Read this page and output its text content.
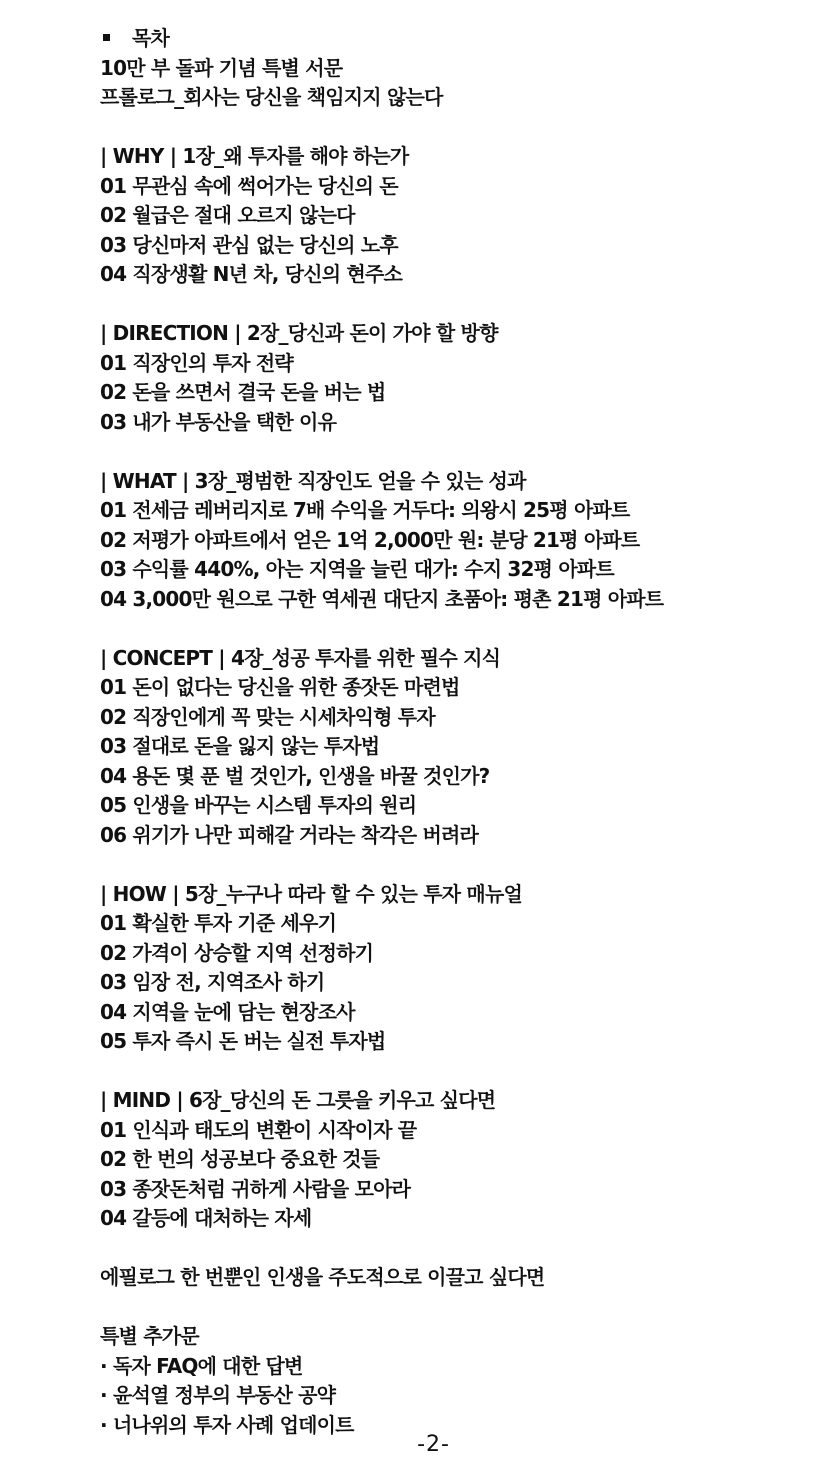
목차
10만 부 돌파 기념 특별 서문
프롤로그_회사는 당신을 책임지지 않는다
| WHY | 1장_왜 투자를 해야 하는가
01 무관심 속에 썩어가는 당신의 돈
02 월급은 절대 오르지 않는다
03 당신마저 관심 없는 당신의 노후
04 직장생활 N년 차, 당신의 현주소
| DIRECTION | 2장_당신과 돈이 가야 할 방향
01 직장인의 투자 전략
02 돈을 쓰면서 결국 돈을 버는 법
03 내가 부동산을 택한 이유
| WHAT | 3장_평범한 직장인도 얻을 수 있는 성과
01 전세금 레버리지로 7배 수익을 거두다: 의왕시 25평 아파트
02 저평가 아파트에서 얻은 1억 2,000만 원: 분당 21평 아파트
03 수익률 440%, 아는 지역을 늘린 대가: 수지 32평 아파트
04 3,000만 원으로 구한 역세권 대단지 초품아: 평촌 21평 아파트
| CONCEPT | 4장_성공 투자를 위한 필수 지식
01 돈이 없다는 당신을 위한 종잣돈 마련법
02 직장인에게 꼭 맞는 시세차익형 투자
03 절대로 돈을 잃지 않는 투자법
04 용돈 몇 푼 벌 것인가, 인생을 바꿀 것인가?
05 인생을 바꾸는 시스템 투자의 원리
06 위기가 나만 피해갈 거라는 착각은 버려라
| HOW | 5장_누구나 따라 할 수 있는 투자 매뉴얼
01 확실한 투자 기준 세우기
02 가격이 상승할 지역 선정하기
03 임장 전, 지역조사 하기
04 지역을 눈에 담는 현장조사
05 투자 즉시 돈 버는 실전 투자법
| MIND | 6장_당신의 돈 그릇을 키우고 싶다면
01 인식과 태도의 변환이 시작이자 끝
02 한 번의 성공보다 중요한 것들
03 종잣돈처럼 귀하게 사람을 모아라
04 갈등에 대처하는 자세
에필로그 한 번뿐인 인생을 주도적으로 이끌고 싶다면
특별 추가문
· 독자 FAQ에 대한 답변
· 윤석열 정부의 부동산 공약
· 너나위의 투자 사례 업데이트
-2-
